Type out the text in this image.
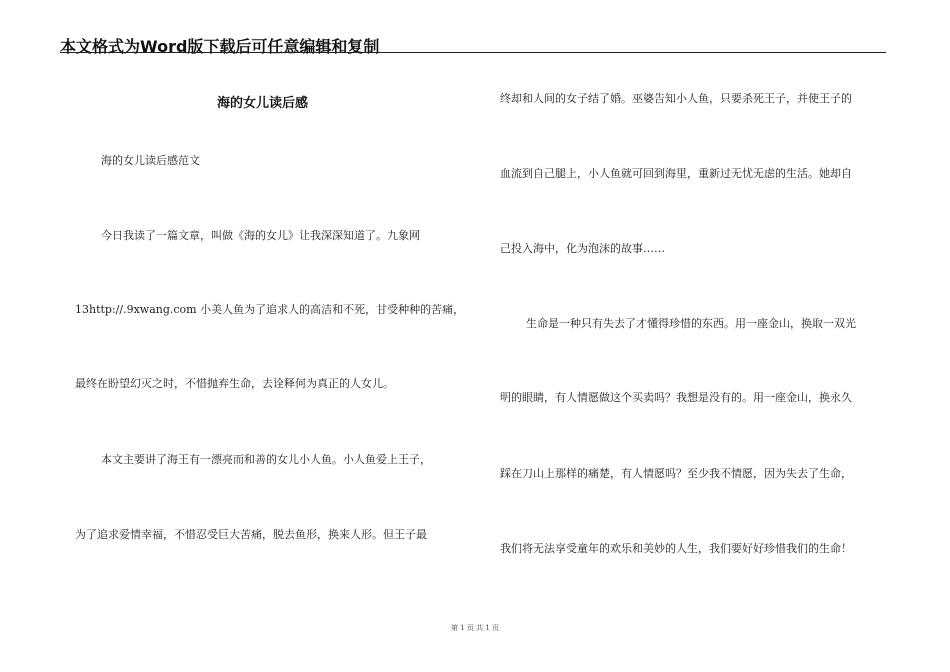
本文格式为Word版下载后可任意编辑和复制
海的女儿读后感
海的女儿读后感范文
今日我读了一篇文章，叫做《海的女儿》让我深深知道了。九象网
13http://.9xwang.com 小美人鱼为了追求人的高洁和不死，甘受种种的苦痛，
最终在盼望幻灭之时，不惜抛弃生命，去诠释何为真正的人女儿。
本文主要讲了海王有一漂亮而和善的女儿小人鱼。小人鱼爱上王子，
为了追求爱情幸福，不惜忍受巨大苦痛，脱去鱼形，换来人形。但王子最
终却和人间的女子结了婚。巫婆告知小人鱼，只要杀死王子，并使王子的
血流到自己腿上，小人鱼就可回到海里，重新过无忧无虑的生活。她却自
己投入海中，化为泡沫的故事……
生命是一种只有失去了才懂得珍惜的东西。用一座金山，换取一双光
明的眼睛，有人情愿做这个买卖吗？我想是没有的。用一座金山，换永久
踩在刀山上那样的痛楚，有人情愿吗？至少我不情愿，因为失去了生命，
我们将无法享受童年的欢乐和美妙的人生，我们要好好珍惜我们的生命！
第 1 页 共 1 页
